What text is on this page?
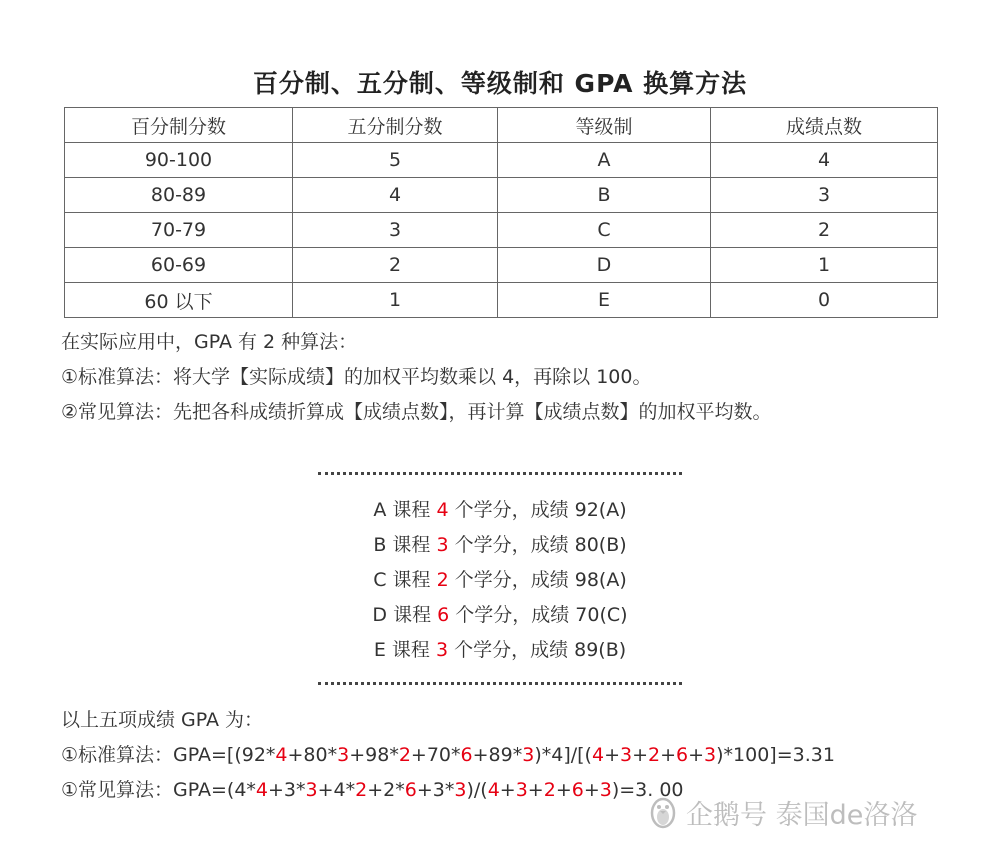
百分制、五分制、等级制和 GPA 换算方法
百分制分数	五分制分数	等级制	成绩点数
90-100	5	A	4
80-89	4	B	3
70-79	3	C	2
60-69	2	D	1
60 以下	1	E	0

在实际应用中，GPA 有 2 种算法：

①标准算法：将大学【实际成绩】的加权平均数乘以 4，再除以 100。

②常见算法：先把各科成绩折算成【成绩点数】，再计算【成绩点数】的加权平均数。

A 课程 4 个学分，成绩 92(A)

B 课程 3 个学分，成绩 80(B)

C 课程 2 个学分，成绩 98(A)

D 课程 6 个学分，成绩 70(C)

E 课程 3 个学分，成绩 89(B)

以上五项成绩 GPA 为：

①标准算法：GPA=[(92*4+80*3+98*2+70*6+89*3)*4]/[(4+3+2+6+3)*100]=3.31

①常见算法：GPA=(4*4+3*3+4*2+2*6+3*3)/(4+3+2+6+3)=3. 00

企鹅号 泰国de洛洛
